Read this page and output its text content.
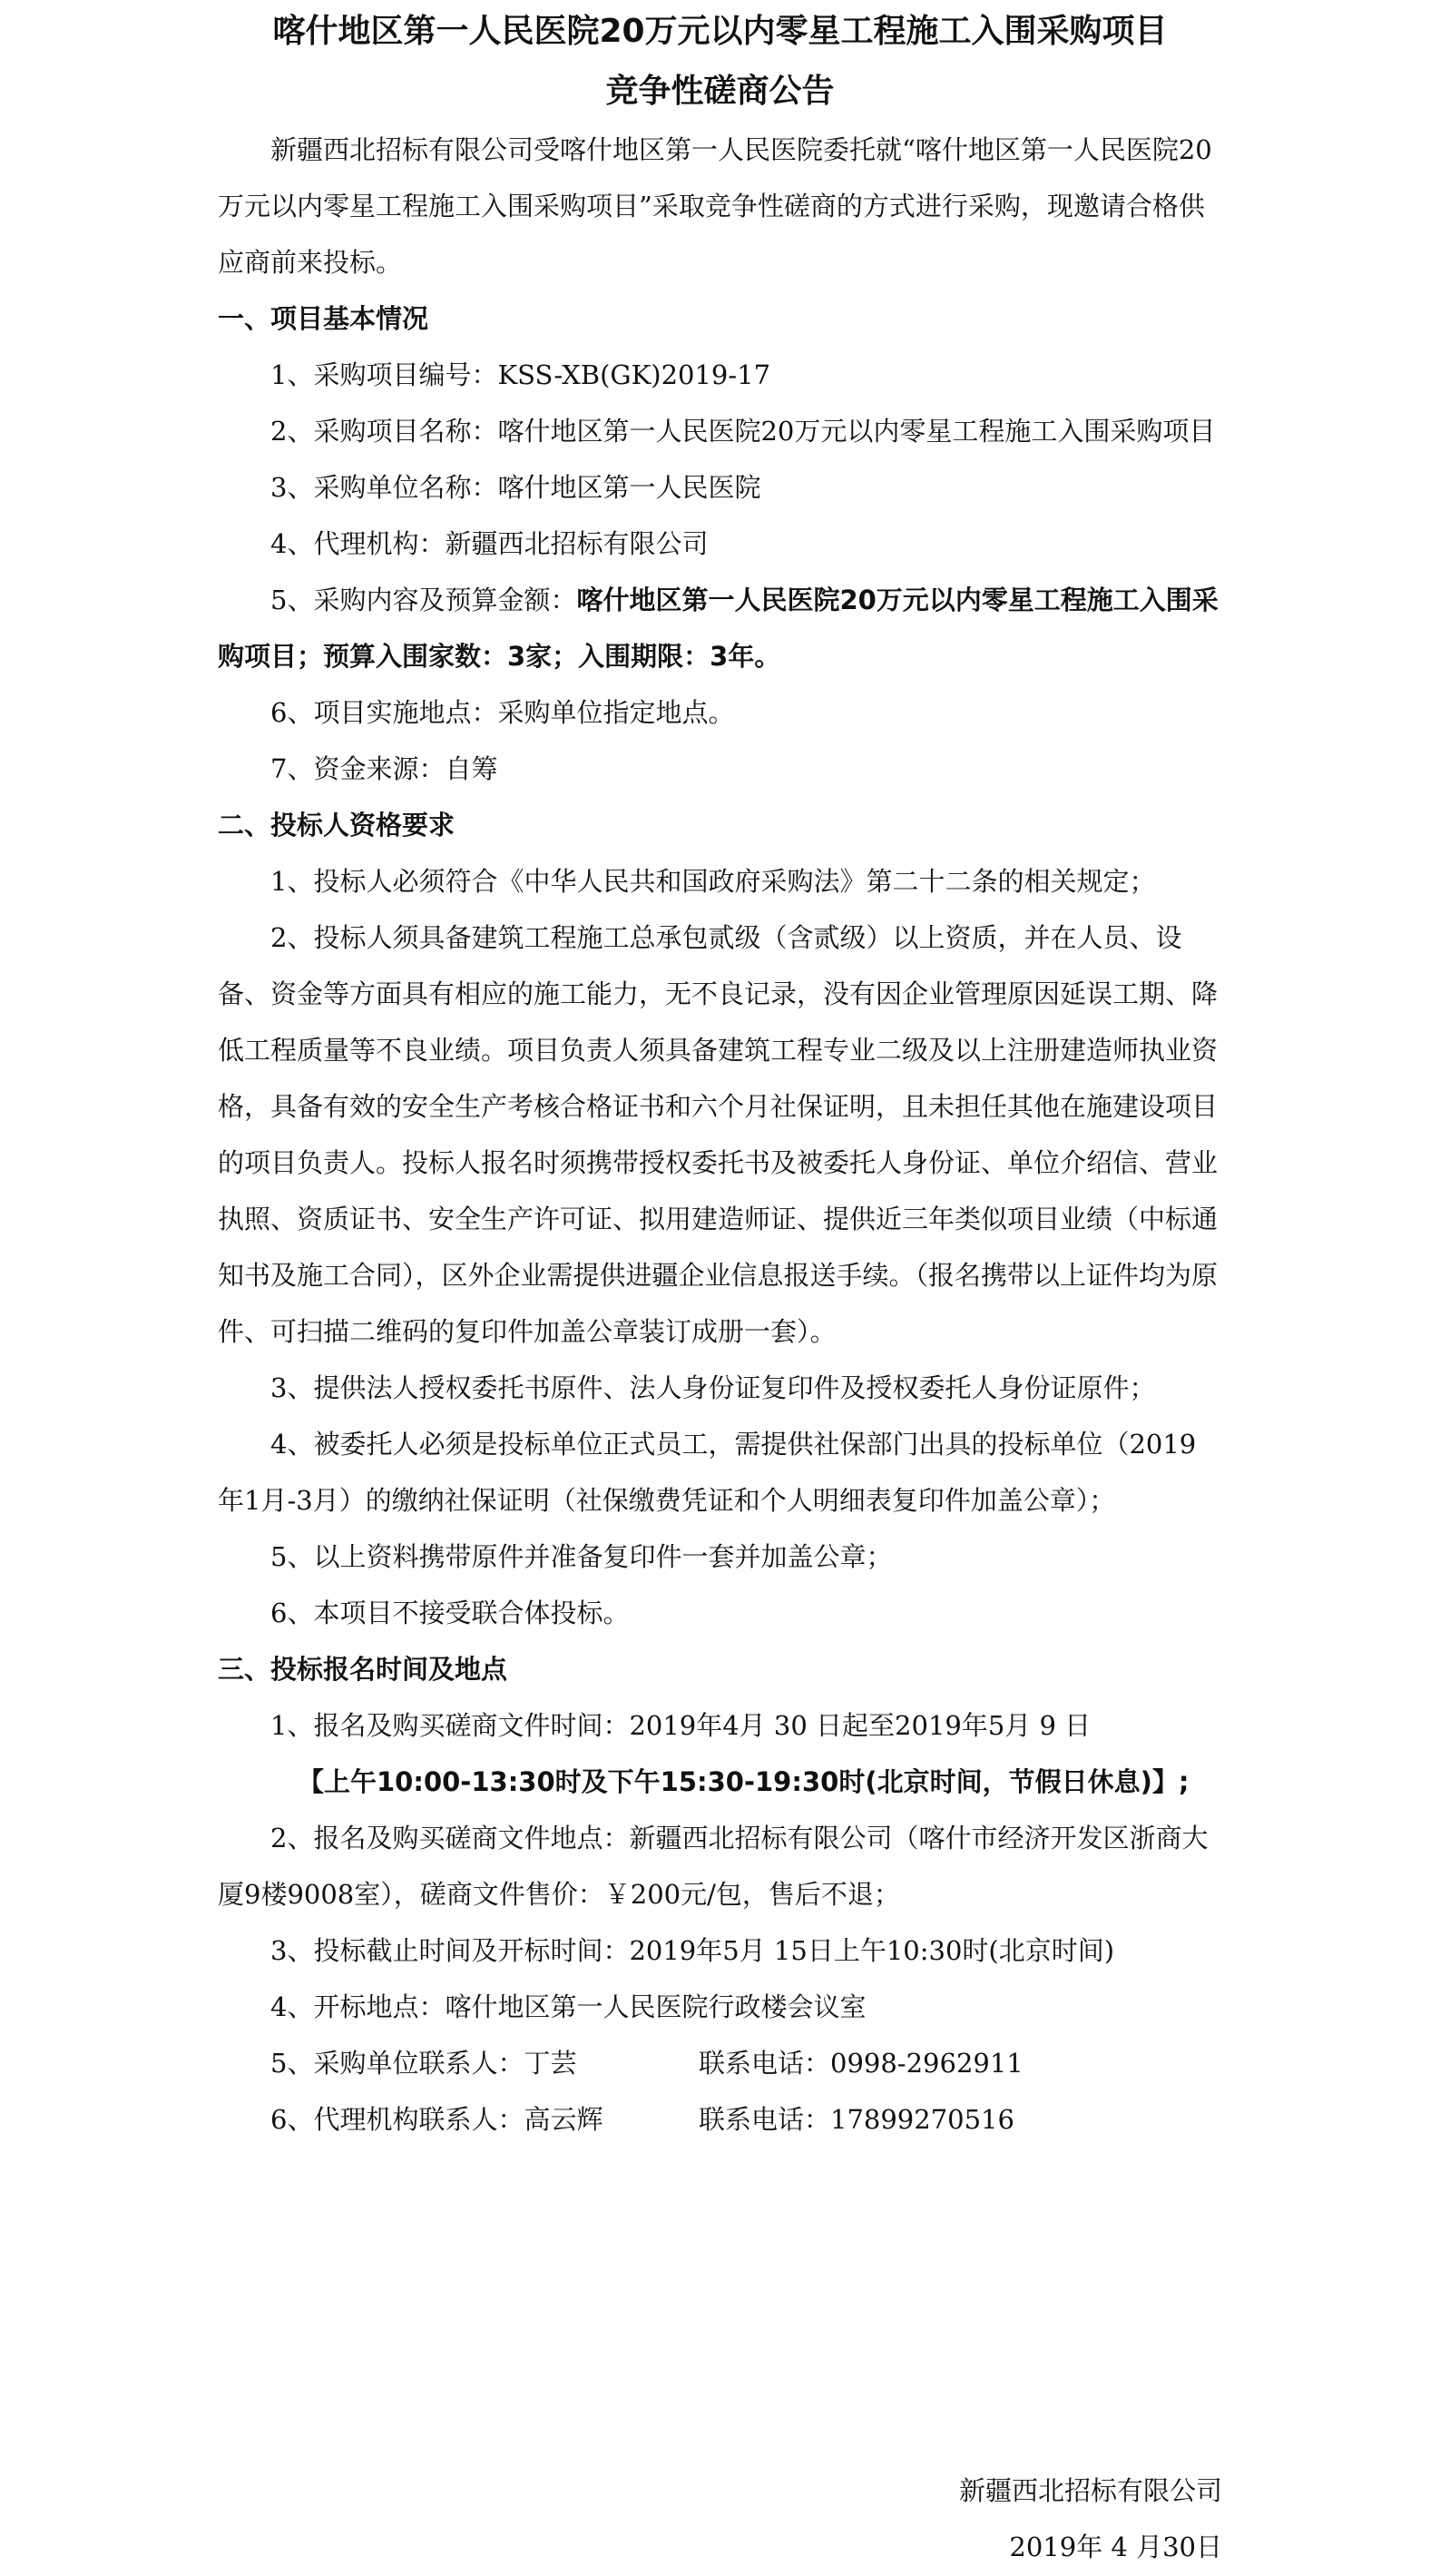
喀什地区第一人民医院20万元以内零星工程施工入围采购项目
竞争性磋商公告

新疆西北招标有限公司受喀什地区第一人民医院委托就“喀什地区第一人民医院20万元以内零星工程施工入围采购项目”采取竞争性磋商的方式进行采购，现邀请合格供应商前来投标。

一、项目基本情况

1、采购项目编号：KSS-XB(GK)2019-17

2、采购项目名称：喀什地区第一人民医院20万元以内零星工程施工入围采购项目

3、采购单位名称：喀什地区第一人民医院

4、代理机构：新疆西北招标有限公司

5、采购内容及预算金额：喀什地区第一人民医院20万元以内零星工程施工入围采购项目；预算入围家数：3家；入围期限：3年。

6、项目实施地点：采购单位指定地点。

7、资金来源：自筹

二、投标人资格要求

1、投标人必须符合《中华人民共和国政府采购法》第二十二条的相关规定；

2、投标人须具备建筑工程施工总承包贰级（含贰级）以上资质，并在人员、设备、资金等方面具有相应的施工能力，无不良记录，没有因企业管理原因延误工期、降低工程质量等不良业绩。项目负责人须具备建筑工程专业二级及以上注册建造师执业资格，具备有效的安全生产考核合格证书和六个月社保证明，且未担任其他在施建设项目的项目负责人。投标人报名时须携带授权委托书及被委托人身份证、单位介绍信、营业执照、资质证书、安全生产许可证、拟用建造师证、提供近三年类似项目业绩（中标通知书及施工合同），区外企业需提供进疆企业信息报送手续。（报名携带以上证件均为原件、可扫描二维码的复印件加盖公章装订成册一套）。

3、提供法人授权委托书原件、法人身份证复印件及授权委托人身份证原件；

4、被委托人必须是投标单位正式员工，需提供社保部门出具的投标单位（2019年1月-3月）的缴纳社保证明（社保缴费凭证和个人明细表复印件加盖公章）；

5、以上资料携带原件并准备复印件一套并加盖公章；

6、本项目不接受联合体投标。

三、投标报名时间及地点

1、报名及购买磋商文件时间：2019年4月 30 日起至2019年5月 9 日

【上午10:00-13:30时及下午15:30-19:30时(北京时间，节假日休息)】;

2、报名及购买磋商文件地点：新疆西北招标有限公司（喀什市经济开发区浙商大厦9楼9008室），磋商文件售价：￥200元/包，售后不退；

3、投标截止时间及开标时间：2019年5月 15日上午10:30时(北京时间)

4、开标地点：喀什地区第一人民医院行政楼会议室

5、采购单位联系人：丁芸	联系电话：0998-2962911

6、代理机构联系人：高云辉	联系电话：17899270516

新疆西北招标有限公司
2019年 4 月30日
